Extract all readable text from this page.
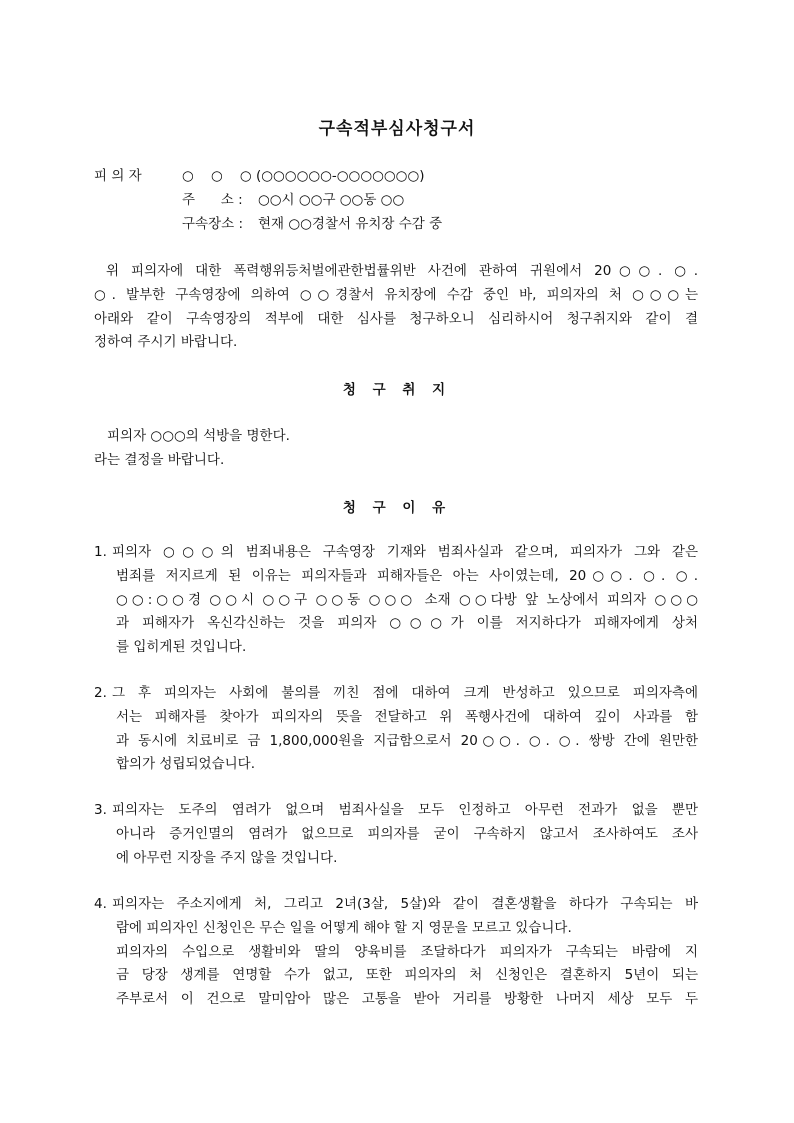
구속적부심사청구서
피 의 자	○    ○    ○ (○○○○○○-○○○○○○○)
주      소 : ○○시 ○○구 ○○동 ○○
구속장소 : 현재 ○○경찰서 유치장 수감 중
위 피의자에 대한 폭력행위등처벌에관한법률위반 사건에 관하여 귀원에서 20○○. ○.
○. 발부한 구속영장에 의하여 ○○경찰서 유치장에 수감 중인 바, 피의자의 처 ○○○는
아래와 같이 구속영장의 적부에 대한 심사를 청구하오니 심리하시어 청구취지와 같이 결
정하여 주시기 바랍니다.
청 구 취 지
피의자 ○○○의 석방을 명한다.
라는 결정을 바랍니다.
청 구 이 유
1. 피의자 ○○○의 범죄내용은 구속영장 기재와 범죄사실과 같으며, 피의자가 그와 같은
범죄를 저지르게 된 이유는 피의자들과 피해자들은 아는 사이였는데, 20○○. ○. ○.
○○:○○경 ○○시 ○○구 ○○동 ○○○ 소재 ○○다방 앞 노상에서 피의자 ○○○
과 피해자가 옥신각신하는 것을 피의자 ○○○가 이를 저지하다가 피해자에게 상처
를 입히게된 것입니다.
2. 그 후 피의자는 사회에 불의를 끼친 점에 대하여 크게 반성하고 있으므로 피의자측에
서는 피해자를 찾아가 피의자의 뜻을 전달하고 위 폭행사건에 대하여 깊이 사과를 함
과 동시에 치료비로 금 1,800,000원을 지급함으로서 20○○. ○. ○. 쌍방 간에 원만한
합의가 성립되었습니다.
3. 피의자는 도주의 염려가 없으며 범죄사실을 모두 인정하고 아무런 전과가 없을 뿐만
아니라 증거인멸의 염려가 없으므로 피의자를 굳이 구속하지 않고서 조사하여도 조사
에 아무런 지장을 주지 않을 것입니다.
4. 피의자는 주소지에게 처, 그리고 2녀(3살, 5살)와 같이 결혼생활을 하다가 구속되는 바
람에 피의자인 신청인은 무슨 일을 어떻게 해야 할 지 영문을 모르고 있습니다.
피의자의 수입으로 생활비와 딸의 양육비를 조달하다가 피의자가 구속되는 바람에 지
금 당장 생계를 연명할 수가 없고, 또한 피의자의 처 신청인은 결혼하지 5년이 되는
주부로서 이 건으로 말미암아 많은 고통을 받아 거리를 방황한 나머지 세상 모두 두
